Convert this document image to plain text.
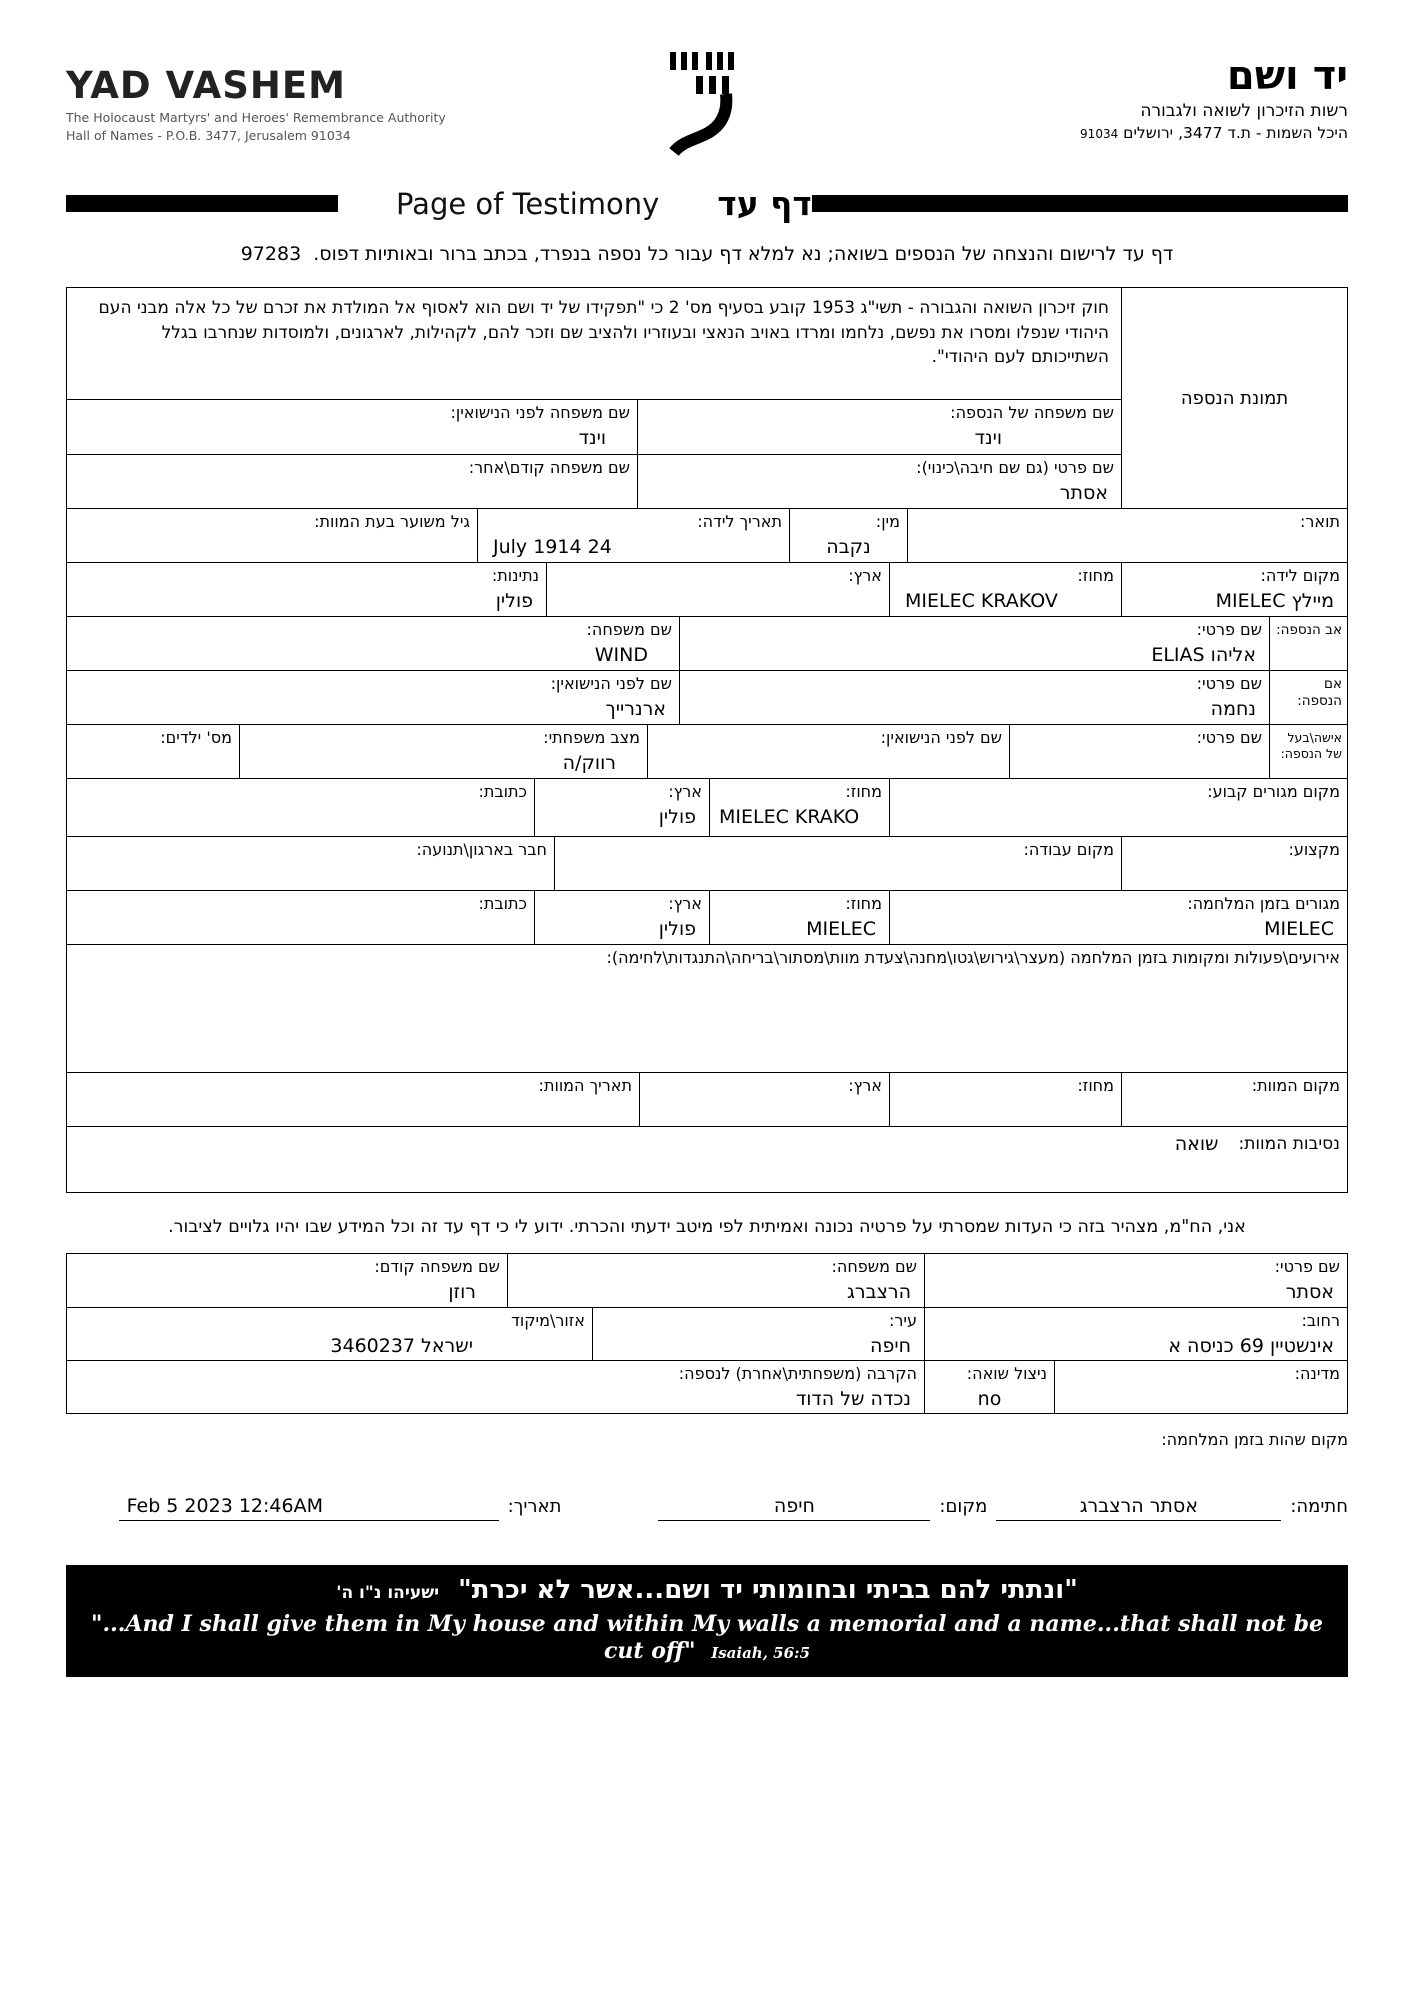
YAD VASHEM
The Holocaust Martyrs' and Heroes' Remembrance Authority
Hall of Names - P.O.B. 3477, Jerusalem 91034
יד ושם
רשות הזיכרון לשואה ולגבורה
היכל השמות - ת.ד 3477, ירושלים 91034
Page of Testimony דף עד
דף עד לרישום והנצחה של הנספים בשואה; נא למלא דף עבור כל נספה בנפרד, בכתב ברור ובאותיות דפוס. 97283
תמונת הנספה
חוק זיכרון השואה והגבורה - תשי"ג 1953 קובע בסעיף מס' 2 כי "תפקידו של יד ושם הוא לאסוף אל המולדת את זכרם של כל אלה מבני העם היהודי שנפלו ומסרו את נפשם, נלחמו ומרדו באויב הנאצי ובעוזריו ולהציב שם וזכר להם, לקהילות, לארגונים, ולמוסדות שנחרבו בגלל השתייכותם לעם היהודי".
שם משפחה של הנספה:
וינד
שם משפחה לפני הנישואין:
וינד
שם פרטי (גם שם חיבה\כינוי):
אסתר
שם משפחה קודם\אחר:
תואר:
מין:
נקבה
תאריך לידה:
July 1914 24
גיל משוער בעת המוות:
מקום לידה:
מיילץ MIELEC
מחוז:
MIELEC KRAKOV
ארץ:
נתינות:
פולין
אב הנספה:
שם פרטי:
אליהו ELIAS
שם משפחה:
WIND
אם הנספה:
שם פרטי:
נחמה
שם לפני הנישואין:
ארנרייך
אישה\בעל של הנספה:
שם פרטי:
שם לפני הנישואין:
מצב משפחתי:
רווק/ה
מס' ילדים:
מקום מגורים קבוע:
מחוז:
MIELEC KRAKO
ארץ:
פולין
כתובת:
מקצוע:
מקום עבודה:
חבר בארגון\תנועה:
מגורים בזמן המלחמה:
MIELEC
מחוז:
MIELEC
ארץ:
פולין
כתובת:
אירועים\פעולות ומקומות בזמן המלחמה (מעצר\גירוש\גטו\מחנה\צעדת מוות\מסתור\בריחה\התנגדות\לחימה):
מקום המוות:
מחוז:
ארץ:
תאריך המוות:
נסיבות המוות:
שואה
אני, הח"מ, מצהיר בזה כי העדות שמסרתי על פרטיה נכונה ואמיתית לפי מיטב ידעתי והכרתי. ידוע לי כי דף עד זה וכל המידע שבו יהיו גלויים לציבור.
שם פרטי:
אסתר
שם משפחה:
הרצברג
שם משפחה קודם:
רוזן
רחוב:
אינשטיין 69 כניסה א
עיר:
חיפה
אזור\מיקוד
ישראל 3460237
מדינה:
ניצול שואה:
no
הקרבה (משפחתית\אחרת) לנספה:
נכדה של הדוד
מקום שהות בזמן המלחמה:
חתימה:
אסתר הרצברג
מקום:
חיפה
תאריך:
Feb 5 2023 12:46AM
"ונתתי להם בביתי ובחומותי יד ושם...אשר לא יכרת" ישעיהו נ"ו ה'
"...And I shall give them in My house and within My walls a memorial and a name...that shall not be cut off" Isaiah, 56:5
